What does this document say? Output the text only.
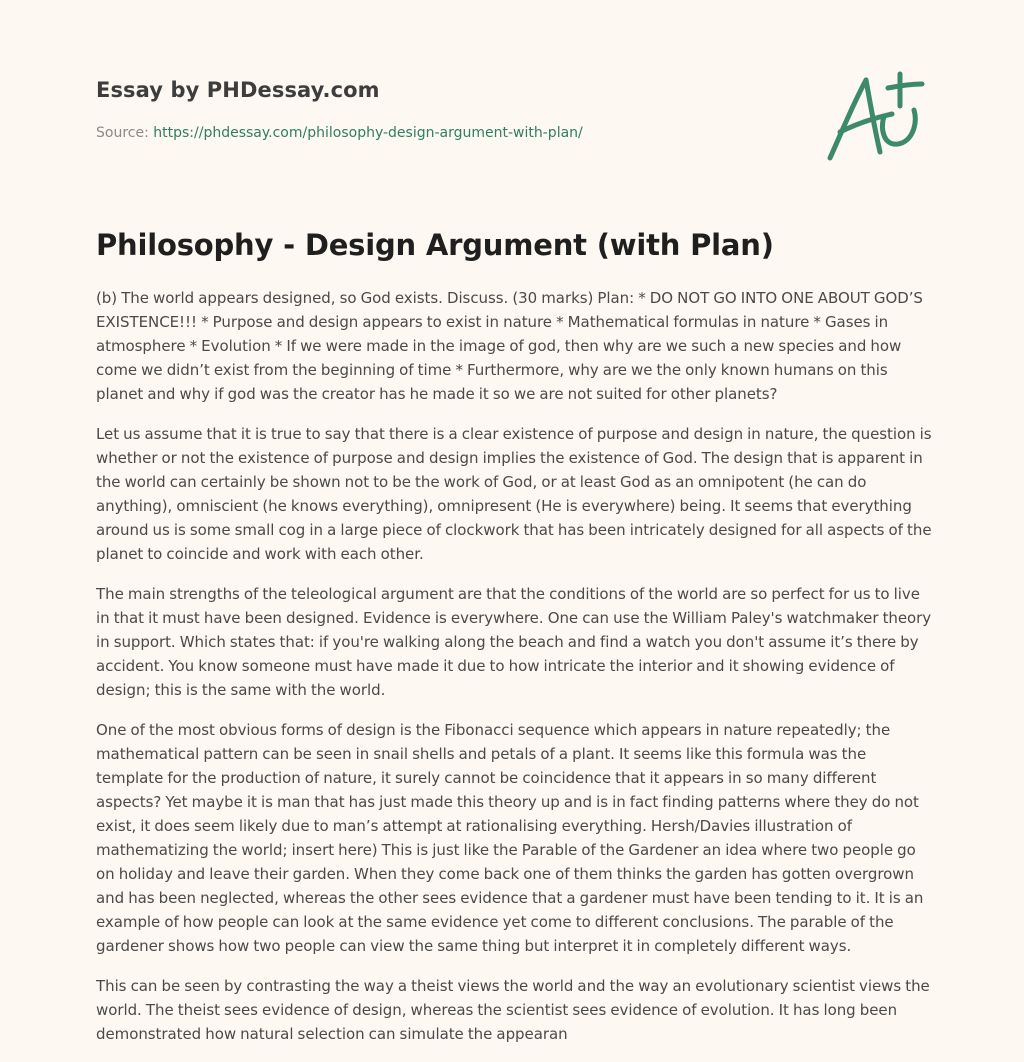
Essay by PHDessay.com
Source: https://phdessay.com/philosophy-design-argument-with-plan/
Philosophy - Design Argument (with Plan)

(b) The world appears designed, so God exists. Discuss. (30 marks) Plan: * DO NOT GO INTO ONE ABOUT GOD’S EXISTENCE!!! * Purpose and design appears to exist in nature * Mathematical formulas in nature * Gases in atmosphere * Evolution * If we were made in the image of god, then why are we such a new species and how come we didn’t exist from the beginning of time * Furthermore, why are we the only known humans on this planet and why if god was the creator has he made it so we are not suited for other planets?

Let us assume that it is true to say that there is a clear existence of purpose and design in nature, the question is whether or not the existence of purpose and design implies the existence of God. The design that is apparent in the world can certainly be shown not to be the work of God, or at least God as an omnipotent (he can do anything), omniscient (he knows everything), omnipresent (He is everywhere) being. It seems that everything around us is some small cog in a large piece of clockwork that has been intricately designed for all aspects of the planet to coincide and work with each other.

The main strengths of the teleological argument are that the conditions of the world are so perfect for us to live in that it must have been designed. Evidence is everywhere. One can use the William Paley's watchmaker theory in support. Which states that: if you're walking along the beach and find a watch you don't assume it’s there by accident. You know someone must have made it due to how intricate the interior and it showing evidence of design; this is the same with the world.

One of the most obvious forms of design is the Fibonacci sequence which appears in nature repeatedly; the mathematical pattern can be seen in snail shells and petals of a plant. It seems like this formula was the template for the production of nature, it surely cannot be coincidence that it appears in so many different aspects? Yet maybe it is man that has just made this theory up and is in fact finding patterns where they do not exist, it does seem likely due to man’s attempt at rationalising everything. Hersh/Davies illustration of mathematizing the world; insert here) This is just like the Parable of the Gardener an idea where two people go on holiday and leave their garden. When they come back one of them thinks the garden has gotten overgrown and has been neglected, whereas the other sees evidence that a gardener must have been tending to it. It is an example of how people can look at the same evidence yet come to different conclusions. The parable of the gardener shows how two people can view the same thing but interpret it in completely different ways.

This can be seen by contrasting the way a theist views the world and the way an evolutionary scientist views the world. The theist sees evidence of design, whereas the scientist sees evidence of evolution. It has long been demonstrated how natural selection can simulate the appearan
